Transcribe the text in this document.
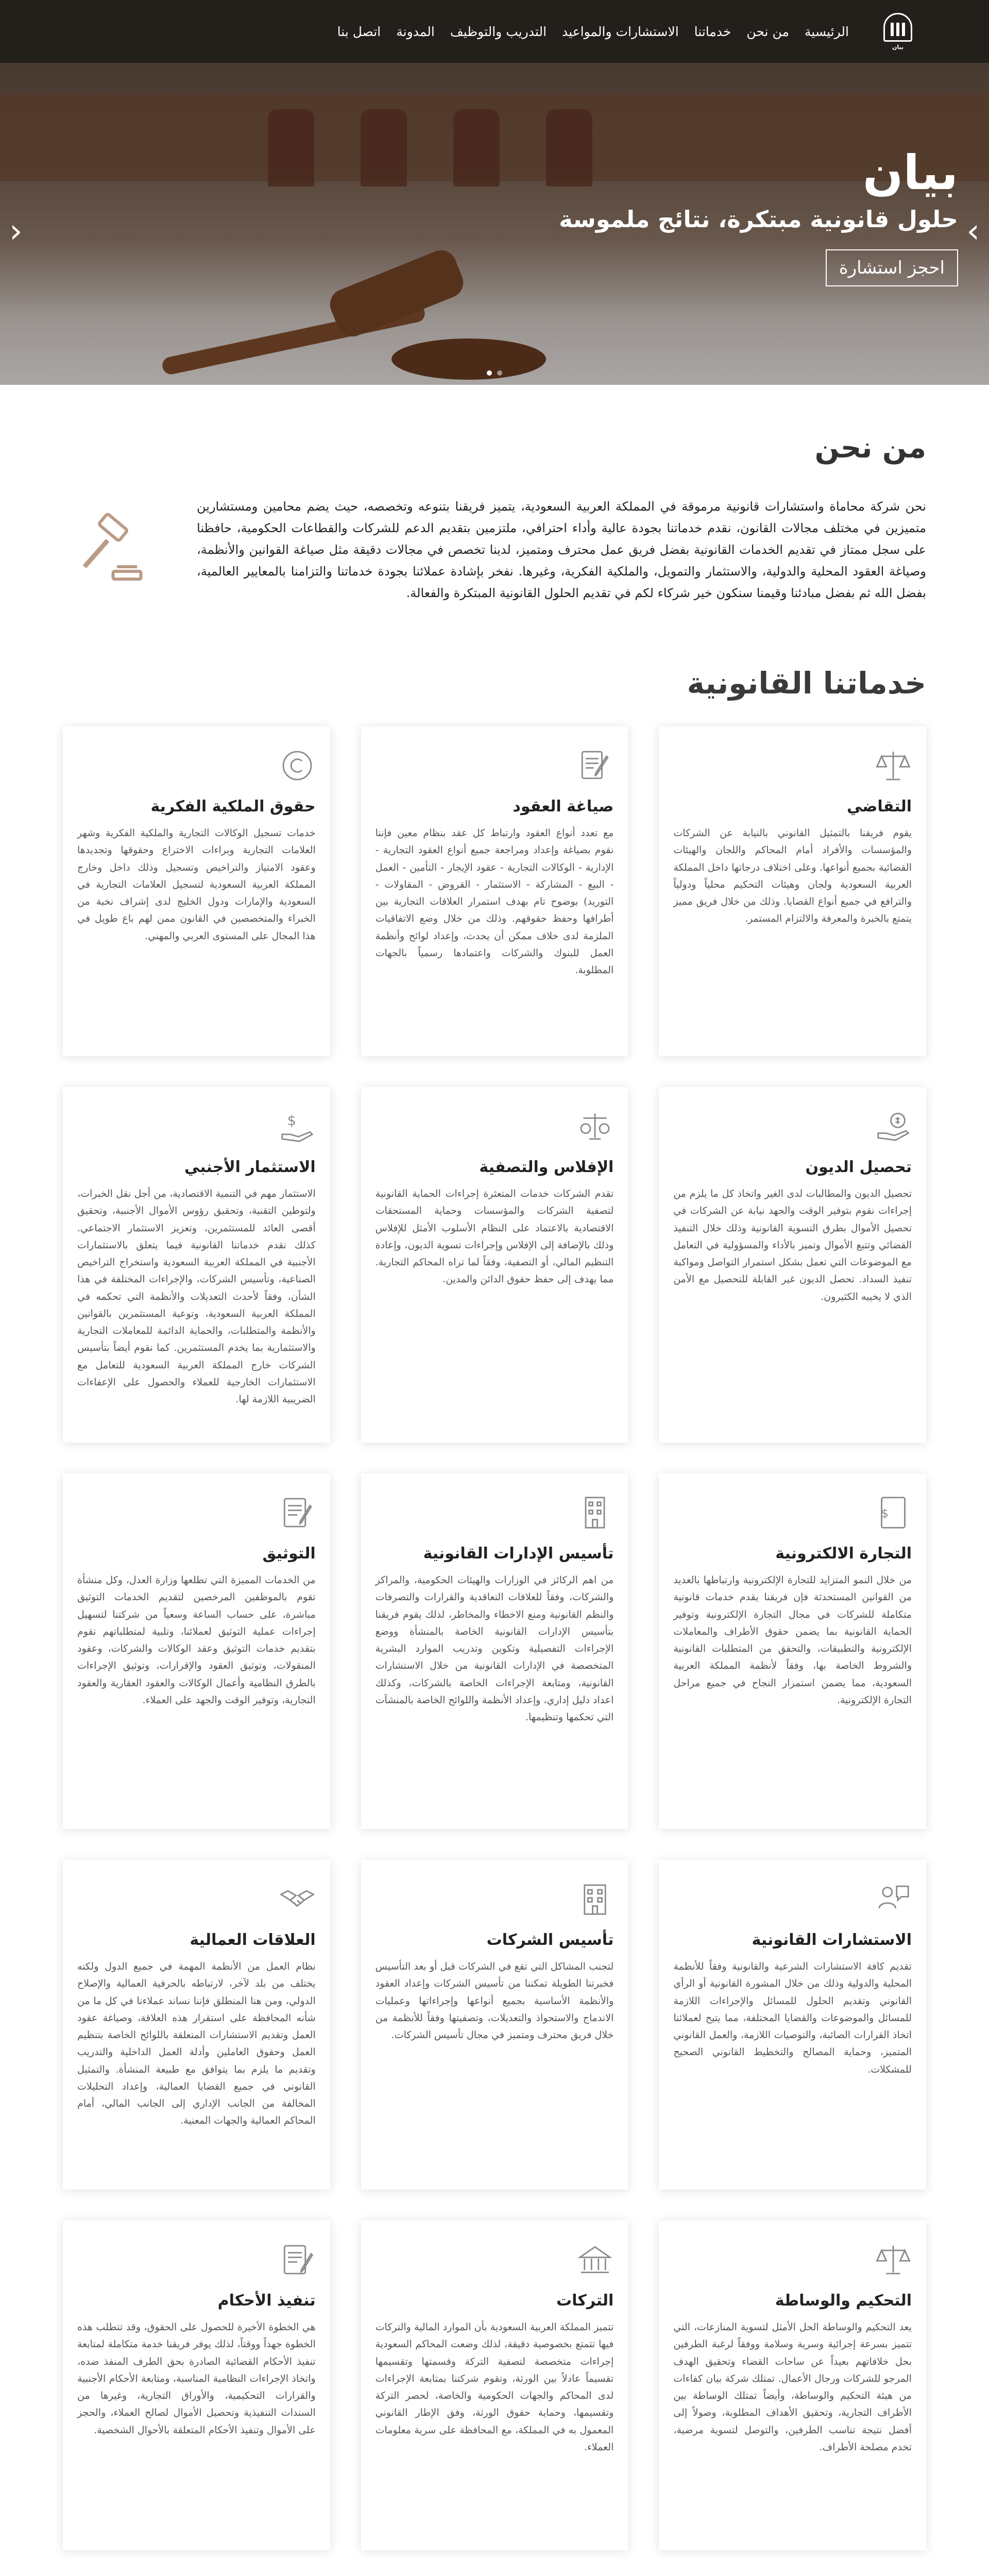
بيان
الرئيسية
من نحن
خدماتنا
الاستشارات والمواعيد
التدريب والتوظيف
المدونة
اتصل بنا
بيان
حلول قانونية مبتكرة، نتائج ملموسة
احجز استشارة
‹	›
من نحن

نحن شركة محاماة واستشارات قانونية مرموقة في المملكة العربية السعودية، يتميز فريقنا بتنوعه وتخصصه، حيث يضم محامين ومستشارين متميزين في مختلف مجالات القانون، نقدم خدماتنا بجودة عالية وأداء احترافي، ملتزمين بتقديم الدعم للشركات والقطاعات الحكومية، حافظنا على سجل ممتاز في تقديم الخدمات القانونية بفضل فريق عمل محترف ومتميز، لدينا تخصص في مجالات دقيقة مثل صياغة القوانين والأنظمة، وصياغة العقود المحلية والدولية، والاستثمار والتمويل، والملكية الفكرية، وغيرها. نفخر بإشادة عملائنا بجودة خدماتنا والتزامنا بالمعايير العالمية، بفضل الله ثم بفضل مبادئنا وقيمنا سنكون خير شركاء لكم في تقديم الحلول القانونية المبتكرة والفعالة.

خدماتنا القانونية
التقاضي
يقوم فريقنا بالتمثيل القانوني بالنيابة عن الشركات والمؤسسات والأفراد أمام المحاكم واللجان والهيئات القضائية بجميع أنواعها. وعلى اختلاف درجاتها داخل المملكة العربية السعودية ولجان وهيئات التحكيم محلياً ودولياً والترافع في جميع أنواع القضايا. وذلك من خلال فريق مميز يتمتع بالخبرة والمعرفة والالتزام المستمر.
صياغة العقود
مع تعدد أنواع العقود وارتباط كل عقد بنظام معين فإننا نقوم بصياغة وإعداد ومراجعة جميع أنواع العقود التجارية - الإدارية - الوكالات التجارية - عقود الإيجار - التأمين - العمل - البيع - المشاركة - الاستثمار - القروض - المقاولات - التوريد) بوضوح تام بهدف استمرار العلاقات التجارية بين أطرافها وحفظ حقوقهم. وذلك من خلال وضع الاتفاقيات الملزمة لدى خلاف ممكن أن يحدث، وإعداد لوائح وأنظمة العمل للبنوك والشركات واعتمادها رسمياً بالجهات المطلوبة.
حقوق الملكية الفكرية
خدمات تسجيل الوكالات التجارية والملكية الفكرية وشهر العلامات التجارية وبراءات الاختراع وحقوقها وتجديدها وعقود الامتياز والتراخيص وتسجيل وذلك داخل وخارج المملكة العربية السعودية لتسجيل العلامات التجارية في السعودية والإمارات ودول الخليج لدى إشراف نخبة من الخبراء والمتخصصين في القانون ممن لهم باع طويل في هذا المجال على المستوى العربي والمهني.
تحصيل الديون
تحصيل الديون والمطالبات لدى الغير واتخاذ كل ما يلزم من إجراءات نقوم بتوفير الوقت والجهد نيابة عن الشركات في تحصيل الأموال بطرق التسوية القانونية وذلك خلال التنفيذ القضائي وتتبع الأموال وتميز بالأداء والمسؤولية في التعامل مع الموضوعات التي تعمل بشكل استمرار التواصل ومواكبة تنفيذ السداد. تحصل الديون غير القابلة للتحصيل مع الأمن الذي لا يخيبه الكثيرون.
الإفلاس والتصفية
تقدم الشركات خدمات المتعثرة إجراءات الحماية القانونية لتصفية الشركات والمؤسسات وحماية المستحقات الاقتصادية بالاعتماد على النظام الأسلوب الأمثل للإفلاس وذلك بالإضافة إلى الإفلاس وإجراءات تسوية الديون، وإعادة التنظيم المالي، أو التصفية، وفقاً لما تراه المحاكم التجارية. مما يهدف إلى حفظ حقوق الدائن والمدين.
$
الاستثمار الأجنبي
الاستثمار مهم في التنمية الاقتصادية، من أجل نقل الخبرات، ولتوطين التقنية، وتحقيق رؤوس الأموال الأجنبية، وتحقيق أقصى العائد للمستثمرين، وتعزيز الاستثمار الاجتماعي. كذلك نقدم خدماتنا القانونية فيما يتعلق بالاستثمارات الأجنبية في المملكة العربية السعودية واستخراج التراخيص الصناعية، وتأسيس الشركات، والإجراءات المختلفة في هذا الشأن، وفقاً لأحدث التعديلات والأنظمة التي تحكمه في المملكة العربية السعودية، وتوعية المستثمرين بالقوانين والأنظمة والمتطلبات، والحماية الدائمة للمعاملات التجارية والاستثمارية بما يخدم المستثمرين. كما نقوم أيضاً بتأسيس الشركات خارج المملكة العربية السعودية للتعامل مع الاستثمارات الخارجية للعملاء والحصول على الإعفاءات الضريبية اللازمة لها.
$
التجارة الالكترونية
من خلال النمو المتزايد للتجارة الإلكترونية وارتباطها بالعديد من القوانين المستحدثة فإن فريقنا يقدم خدمات قانونية متكاملة للشركات في مجال التجارة الإلكترونية وتوفير الحماية القانونية بما يضمن حقوق الأطراف والمعاملات الإلكترونية والتطبيقات، والتحقق من المتطلبات القانونية والشروط الخاصة بها، وفقاً لأنظمة المملكة العربية السعودية، مما يضمن استمرار النجاح في جميع مراحل التجارة الإلكترونية.
تأسيس الإدارات القانونية
من اهم الركائز في الوزارات والهيئات الحكومية، والمراكز والشركات، وفقاً للعلاقات التعاقدية والقرارات والتصرفات والنظم القانونية ومنع الاخطاء والمخاطر، لذلك يقوم فريقنا بتأسيس الإدارات القانونية الخاصة بالمنشأة ووضع الإجراءات التفصيلية وتكوين وتدريب الموارد البشرية المتخصصة في الإدارات القانونية من خلال الاستشارات القانونية، ومتابعة الإجراءات الخاصة بالشركات، وكذلك اعداد دليل إداري، وإعداد الأنظمة واللوائح الخاصة بالمنشآت التي تحكمها وتنظيمها.
التوثيق
من الخدمات المميزة التي تطلعها وزارة العدل، وكل منشأة تقوم بالموظفين المرخصين لتقديم الخدمات التوثيق مباشرة، على حساب الساعة وسعياً من شركتنا لتسهيل إجراءات عملية التوثيق لعملائنا، وتلبية لمتطلباتهم نقوم بتقديم خدمات التوثيق وعقد الوكالات والشركات، وعقود المنقولات، وتوثيق العقود والإقرارات، وتوثيق الإجراءات بالطرق النظامية وأعمال الوكالات والعقود العقارية والعقود التجارية، وتوفير الوقت والجهد على العملاء.
الاستشارات القانونية
تقديم كافة الاستشارات الشرعية والقانونية وفقاً للأنظمة المحلية والدولية وذلك من خلال المشورة القانونية أو الرأي القانوني وتقديم الحلول للمسائل والإجراءات اللازمة للمسائل والموضوعات والقضايا المختلفة، مما يتيح لعملائنا اتخاذ القرارات الصائبة، والتوصيات اللازمة، والعمل القانوني المتميز، وحماية المصالح والتخطيط القانوني الصحيح للمشكلات.
تأسيس الشركات
لتجنب المشاكل التي تقع في الشركات قبل أو بعد التأسيس فخبرتنا الطويلة تمكننا من تأسيس الشركات وإعداد العقود والأنظمة الأساسية بجميع أنواعها وإجراءاتها وعمليات الاندماج والاستحواذ والتعديلات، وتصفيتها وفقاً للأنظمة من خلال فريق محترف ومتميز في مجال تأسيس الشركات.
العلاقات العمالية
نظام العمل من الأنظمة المهمة في جميع الدول ولكنه يختلف من بلد لآخر، لارتباطه بالحرفية العمالية والإصلاح الدولي، ومن هنا المنطلق فإننا نساند عملاءنا في كل ما من شأنه المحافظة على استقرار هذه العلاقة، وصياغة عقود العمل وتقديم الاستشارات المتعلقة باللوائح الخاصة بتنظيم العمل وحقوق العاملين وأدلة العمل الداخلية والتدريب وتقديم ما يلزم بما يتوافق مع طبيعة المنشأة. والتمثيل القانوني في جميع القضايا العمالية، وإعداد التحليلات المخالفة من الجانب الإداري إلى الجانب المالي، أمام المحاكم العمالية والجهات المعنية.
التحكيم والوساطة
يعد التحكيم والوساطة الحل الأمثل لتسوية المنازعات، التي تتميز بسرعة إجرائية وسرية وسلامة ووفقاً لرغبة الطرفين بحل خلافاتهم بعيداً عن ساحات القضاء وتحقيق الهدف المرجو للشركات ورجال الأعمال. تمتلك شركة بيان كفاءات من هيئة التحكيم والوساطة، وأيضاً تمتلك الوساطة بين الأطراف التجارية، وتحقيق الأهداف المطلوبة، وصولاً إلى أفضل نتيجة تناسب الطرفين، والتوصل لتسوية مرضية، تخدم مصلحة الأطراف.
التركات
تتميز المملكة العربية السعودية بأن الموارد المالية والتركات فيها تتمتع بخصوصية دقيقة، لذلك وضعت المحاكم السعودية إجراءات متخصصة لتصفية التركة وقسمتها وتقسيمها تقسيماً عادلاً بين الورثة، وتقوم شركتنا بمتابعة الإجراءات لدى المحاكم والجهات الحكومية والخاصة، لحصر التركة وتقسيمها، وحماية حقوق الورثة، وفق الإطار القانوني المعمول به في المملكة، مع المحافظة على سرية معلومات العملاء.
تنفيذ الأحكام
هي الخطوة الأخيرة للحصول على الحقوق، وقد تتطلب هذه الخطوة جهداً ووقتاً، لذلك يوفر فريقنا خدمة متكاملة لمتابعة تنفيذ الأحكام القضائية الصادرة بحق الطرف المنفذ ضده، واتخاذ الإجراءات النظامية المناسبة، ومتابعة الأحكام الأجنبية والقرارات التحكيمية، والأوراق التجارية، وغيرها من السندات التنفيذية وتحصيل الأموال لصالح العملاء، والحجز على الأموال وتنفيذ الأحكام المتعلقة بالأحوال الشخصية.
